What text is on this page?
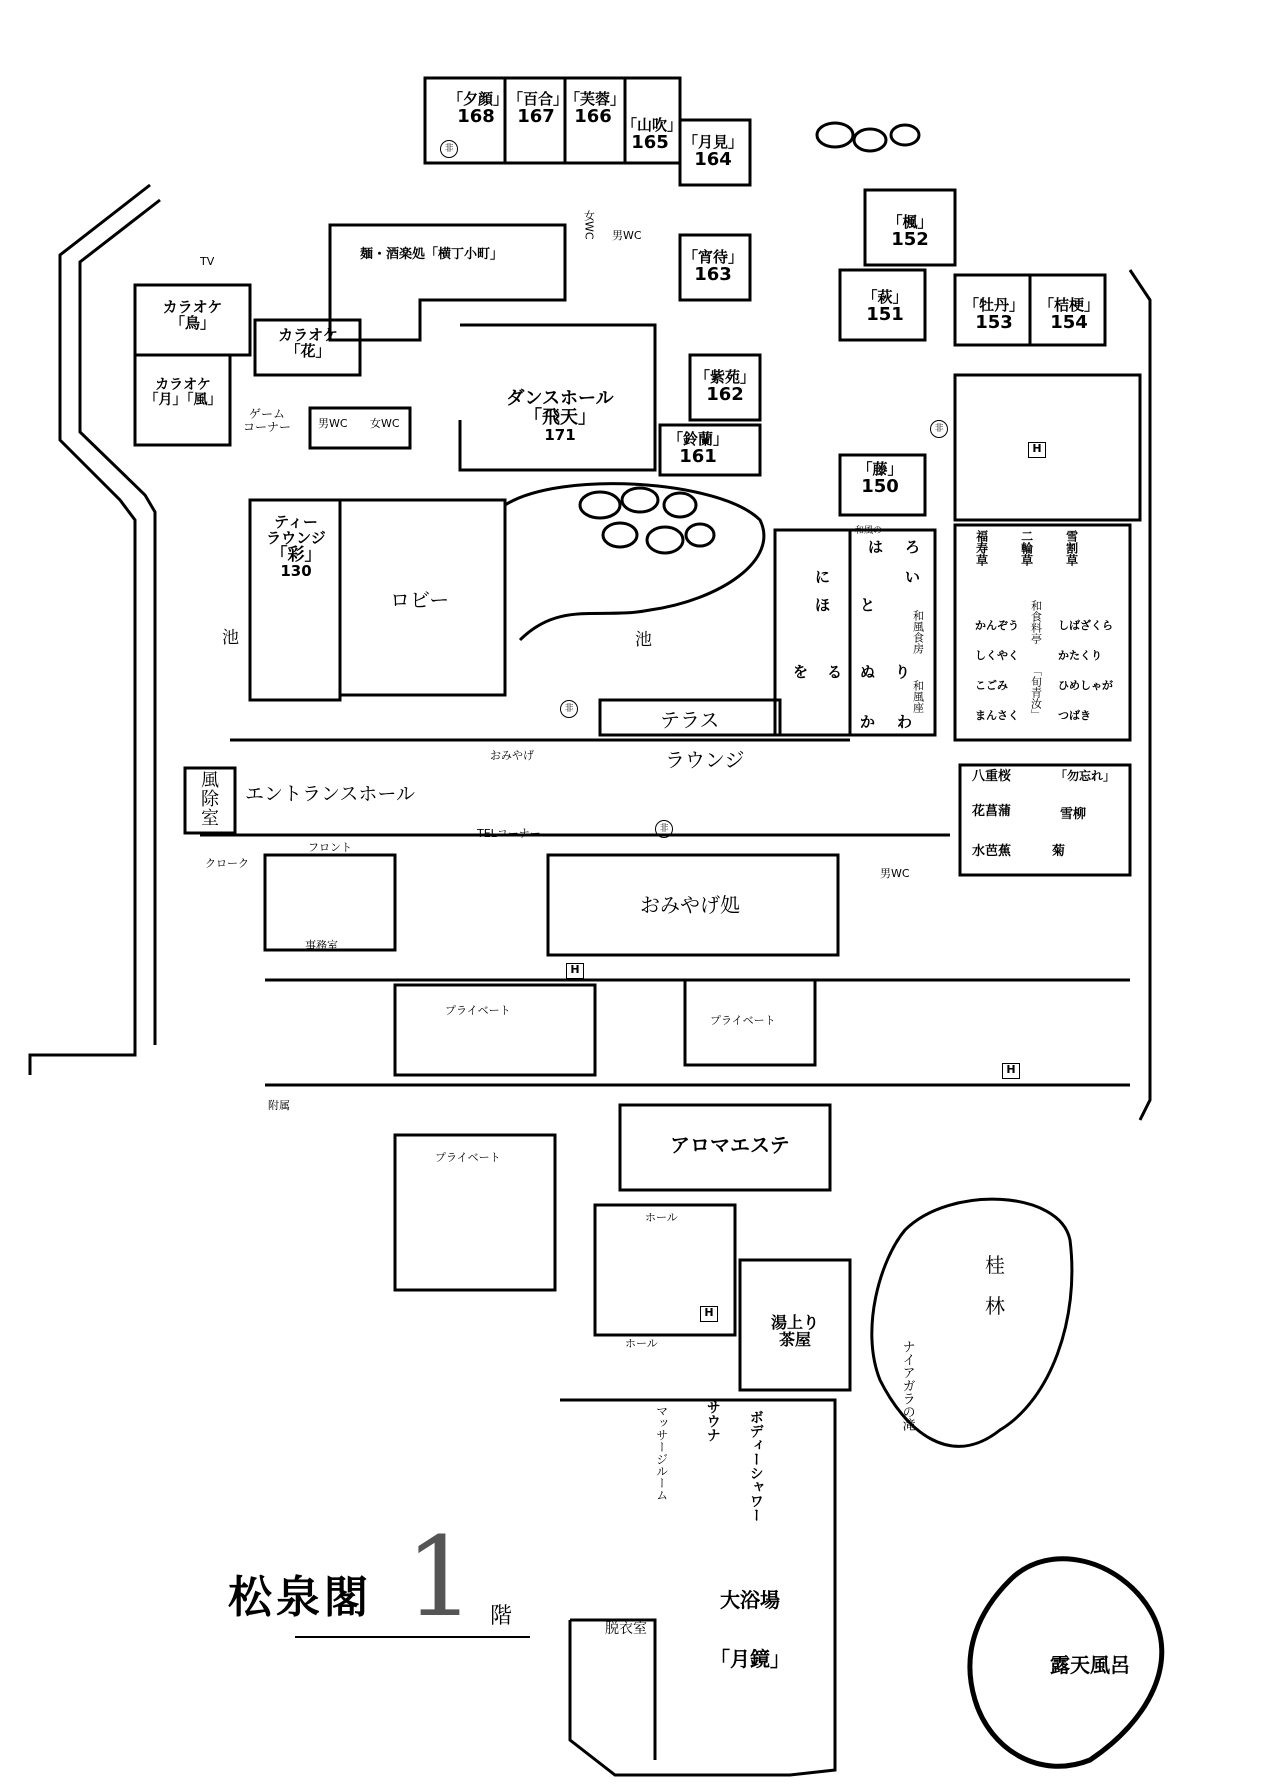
松泉閣 1 階
「夕顔」
168
「百合」
167
「芙蓉」
166 「山吹」
165 「月見」
164
「宵待」
163
「紫苑」
162
「鈴蘭」
161
「楓」
152
「萩」
151	「牡丹」
153
「桔梗」
154
「藤」
150
ダンスホール
「飛天」
171
ティー
ラウンジ
「彩」
130
ロビー
テラス
ラウンジ
エントランスホール
風
除
室
おみやげ処
アロマエステ
大浴場
「月鏡」
脱衣室
露天風呂
桂
林
ナイアガラの滝
湯上り
茶屋
サウナ
マッサージルーム	ボディーシャワー
カラオケ
「鳥」
カラオケ
「花」
カラオケ
「月」「風」
麺・酒楽処「横丁小町」
ゲーム
コーナー
池	池
プライベート
プライベート
プライベート
事務室
ホール
ホール
TELコーナー
クローク
フロント
おみやげ
TV
附属
男WC 女WC
女WC 男WC
男WC
は ろ
い
に
ほ と
を る ぬ り
か わ
和風の	福寿草	二輪草	雪割草
かんぞう
しくやく
こごみ
まんさく
しばざくら
かたくり
ひめしゃが
つばき
八重桜
花菖蒲
水芭蕉
「勿忘れ」
雪柳
菊
和風食房
和風座
和食料亭
「旬青汝」
H
H
H
H
非
非
非
非
